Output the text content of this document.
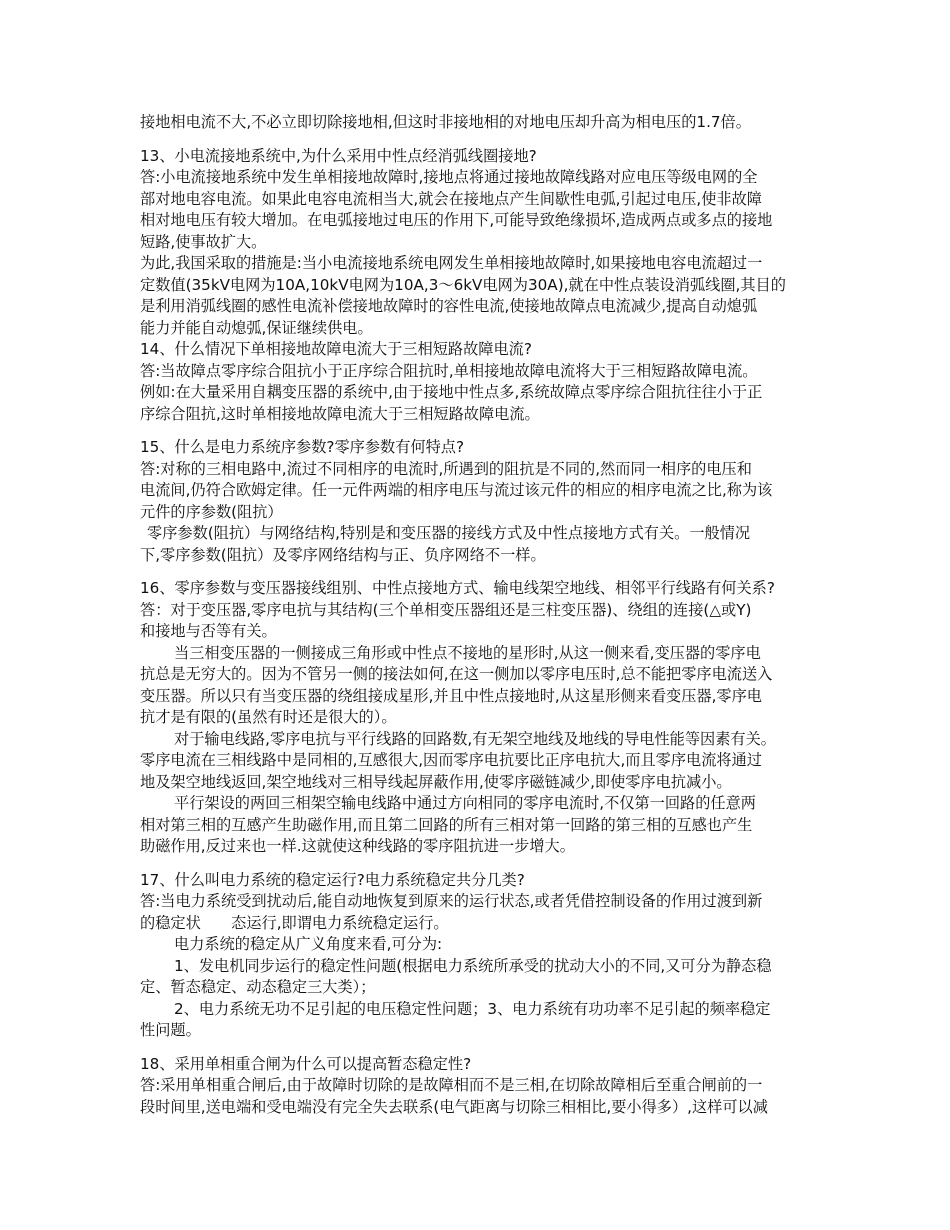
接地相电流不大,不必立即切除接地相,但这时非接地相的对地电压却升高为相电压的1.7倍。
13、小电流接地系统中,为什么采用中性点经消弧线圈接地?
答:小电流接地系统中发生单相接地故障时,接地点将通过接地故障线路对应电压等级电网的全
部对地电容电流。如果此电容电流相当大,就会在接地点产生间歇性电弧,引起过电压,使非故障
相对地电压有较大增加。在电弧接地过电压的作用下,可能导致绝缘损坏,造成两点或多点的接地
短路,使事故扩大。
为此,我国采取的措施是:当小电流接地系统电网发生单相接地故障时,如果接地电容电流超过一
定数值(35kV电网为10A,10kV电网为10A,3～6kV电网为30A),就在中性点装设消弧线圈,其目的
是利用消弧线圈的感性电流补偿接地故障时的容性电流,使接地故障点电流减少,提高自动熄弧
能力并能自动熄弧,保证继续供电。
14、什么情况下单相接地故障电流大于三相短路故障电流?
答:当故障点零序综合阻抗小于正序综合阻抗时,单相接地故障电流将大于三相短路故障电流。
例如:在大量采用自耦变压器的系统中,由于接地中性点多,系统故障点零序综合阻抗往往小于正
序综合阻抗,这时单相接地故障电流大于三相短路故障电流。
15、什么是电力系统序参数?零序参数有何特点?
答:对称的三相电路中,流过不同相序的电流时,所遇到的阻抗是不同的,然而同一相序的电压和
电流间,仍符合欧姆定律。任一元件两端的相序电压与流过该元件的相应的相序电流之比,称为该
元件的序参数(阻抗）
零序参数(阻抗）与网络结构,特别是和变压器的接线方式及中性点接地方式有关。一般情况
下,零序参数(阻抗）及零序网络结构与正、负序网络不一样。
16、零序参数与变压器接线组别、中性点接地方式、输电线架空地线、相邻平行线路有何关系?
答：对于变压器,零序电抗与其结构(三个单相变压器组还是三柱变压器)、绕组的连接(△或Y)
和接地与否等有关。
当三相变压器的一侧接成三角形或中性点不接地的星形时,从这一侧来看,变压器的零序电
抗总是无穷大的。因为不管另一侧的接法如何,在这一侧加以零序电压时,总不能把零序电流送入
变压器。所以只有当变压器的绕组接成星形,并且中性点接地时,从这星形侧来看变压器,零序电
抗才是有限的(虽然有时还是很大的）。
对于输电线路,零序电抗与平行线路的回路数,有无架空地线及地线的导电性能等因素有关。
零序电流在三相线路中是同相的,互感很大,因而零序电抗要比正序电抗大,而且零序电流将通过
地及架空地线返回,架空地线对三相导线起屏蔽作用,使零序磁链减少,即使零序电抗减小。
平行架设的两回三相架空输电线路中通过方向相同的零序电流时,不仅第一回路的任意两
相对第三相的互感产生助磁作用,而且第二回路的所有三相对第一回路的第三相的互感也产生
助磁作用,反过来也一样.这就使这种线路的零序阻抗进一步增大。
17、什么叫电力系统的稳定运行?电力系统稳定共分几类?
答:当电力系统受到扰动后,能自动地恢复到原来的运行状态,或者凭借控制设备的作用过渡到新
的稳定状　　态运行,即谓电力系统稳定运行。
电力系统的稳定从广义角度来看,可分为:
1、发电机同步运行的稳定性问题(根据电力系统所承受的扰动大小的不同,又可分为静态稳
定、暂态稳定、动态稳定三大类）；
2、电力系统无功不足引起的电压稳定性问题；3、电力系统有功功率不足引起的频率稳定
性问题。
18、采用单相重合闸为什么可以提高暂态稳定性?
答:采用单相重合闸后,由于故障时切除的是故障相而不是三相,在切除故障相后至重合闸前的一
段时间里,送电端和受电端没有完全失去联系(电气距离与切除三相相比,要小得多）,这样可以减
